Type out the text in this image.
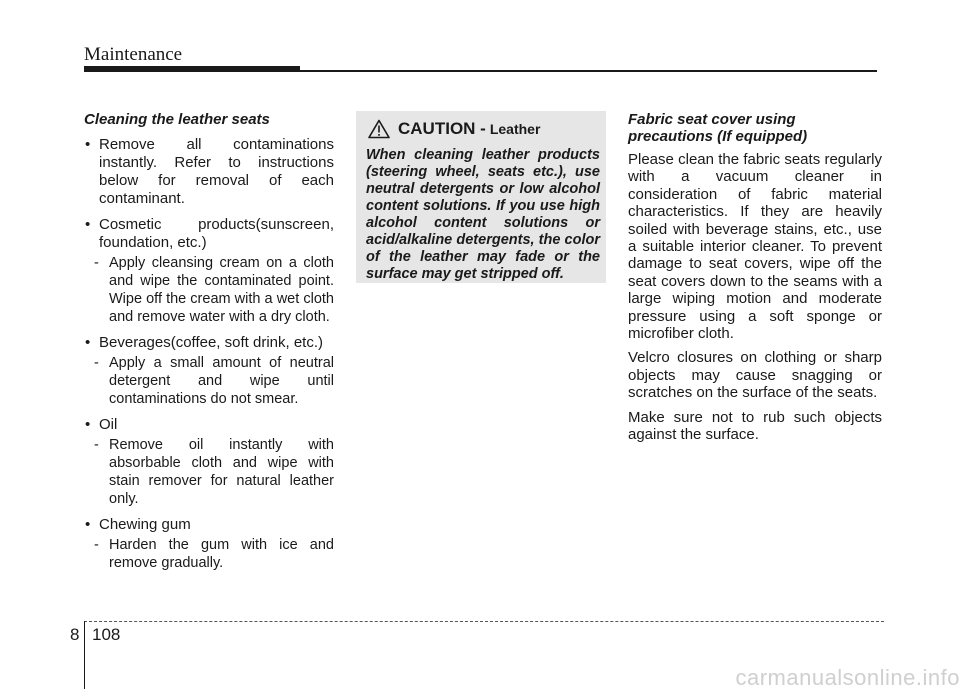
Maintenance
Cleaning the leather seats
• Remove all contaminations instantly. Refer to instructions below for removal of each contaminant.
• Cosmetic products(sunscreen, foundation, etc.)
- Apply cleansing cream on a cloth and wipe the contaminated point. Wipe off the cream with a wet cloth and remove water with a dry cloth.
• Beverages(coffee, soft drink, etc.)
- Apply a small amount of neutral detergent and wipe until contaminations do not smear.
• Oil
- Remove oil instantly with absorbable cloth and wipe with stain remover for natural leather only.
• Chewing gum
- Harden the gum with ice and remove gradually.
CAUTION - Leather
When cleaning leather products (steering wheel, seats etc.), use neutral detergents or low alcohol content solutions. If you use high alcohol content solutions or acid/alkaline detergents, the color of the leather may fade or the surface may get stripped off.
Fabric seat cover using precautions (If equipped)
Please clean the fabric seats regularly with a vacuum cleaner in consideration of fabric material characteristics. If they are heavily soiled with beverage stains, etc., use a suitable interior cleaner. To prevent damage to seat covers, wipe off the seat covers down to the seams with a large wiping motion and moderate pressure using a soft sponge or microfiber cloth.
Velcro closures on clothing or sharp objects may cause snagging or scratches on the surface of the seats.
Make sure not to rub such objects against the surface.
8 108
carmanualsonline.info
